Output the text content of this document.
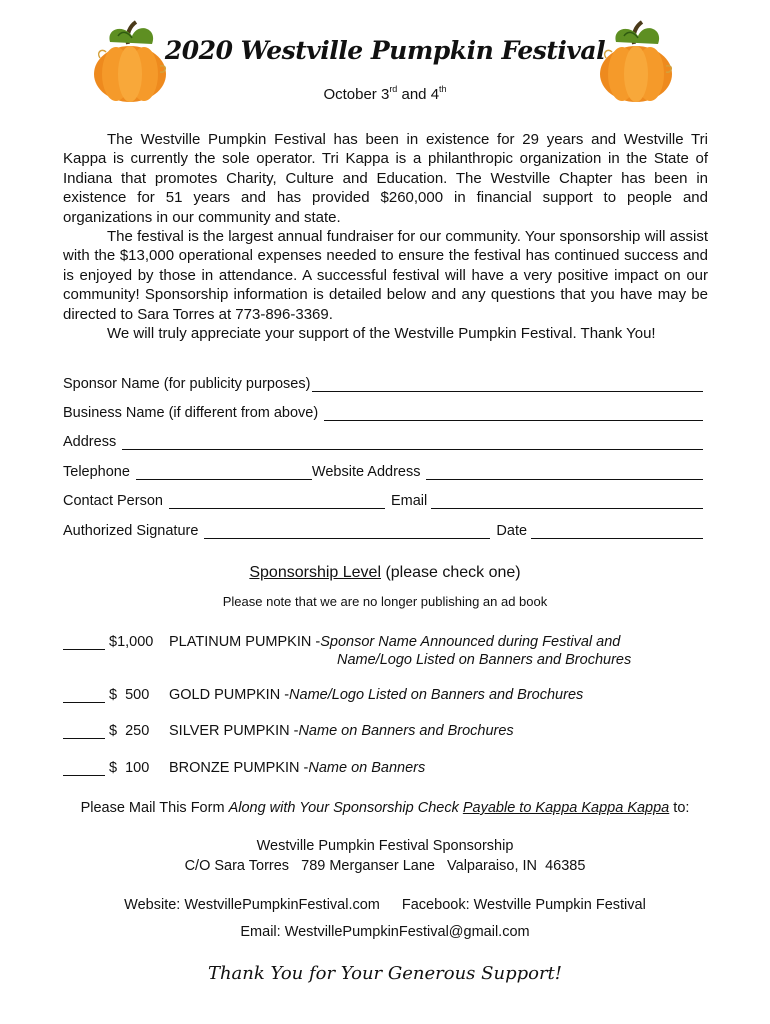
2020 Westville Pumpkin Festival
October 3rd and 4th

The Westville Pumpkin Festival has been in existence for 29 years and Westville Tri Kappa is currently the sole operator. Tri Kappa is a philanthropic organization in the State of Indiana that promotes Charity, Culture and Education. The Westville Chapter has been in existence for 51 years and has provided $260,000 in financial support to people and organizations in our community and state.

The festival is the largest annual fundraiser for our community. Your sponsorship will assist with the $13,000 operational expenses needed to ensure the festival has continued success and is enjoyed by those in attendance. A successful festival will have a very positive impact on our community! Sponsorship information is detailed below and any questions that you have may be directed to Sara Torres at 773-896-3369.

We will truly appreciate your support of the Westville Pumpkin Festival. Thank You!

Sponsor Name (for publicity purposes)
Business Name (if different from above)
Address
Telephone	Website Address
Contact Person	Email
Authorized Signature	Date
Sponsorship Level (please check one)
Please note that we are no longer publishing an ad book
$1,000 PLATINUM PUMPKIN -Sponsor Name Announced during Festival and
Name/Logo Listed on Banners and Brochures
$  500 GOLD PUMPKIN -Name/Logo Listed on Banners and Brochures
$  250 SILVER PUMPKIN -Name on Banners and Brochures
$  100 BRONZE PUMPKIN -Name on Banners
Please Mail This Form Along with Your Sponsorship Check Payable to Kappa Kappa Kappa to:
Westville Pumpkin Festival Sponsorship
C/O Sara Torres   789 Merganser Lane   Valparaiso, IN  46385
Website: WestvillePumpkinFestival.com Facebook: Westville Pumpkin Festival
Email: WestvillePumpkinFestival@gmail.com
Thank You for Your Generous Support!
